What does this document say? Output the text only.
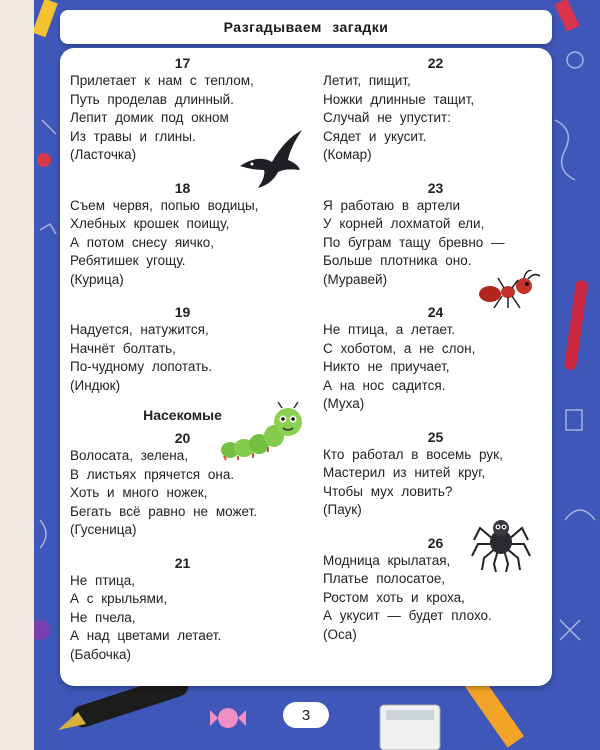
Разгадываем загадки
17
Прилетает к нам с теплом,
Путь проделав длинный.
Лепит домик под окном
Из травы и глины.
(Ласточка)
18
Съем червя, попью водицы,
Хлебных крошек поищу,
А потом снесу яичко,
Ребятишек угощу.
(Курица)
19
Надуется, натужится,
Начнёт болтать,
По-чудному лопотать.
(Индюк)
Насекомые
20
Волосата, зелена,
В листьях прячется она.
Хоть и много ножек,
Бегать всё равно не может.
(Гусеница)
21
Не птица,
А с крыльями,
Не пчела,
А над цветами летает.
(Бабочка)
22
Летит, пищит,
Ножки длинные тащит,
Случай не упустит:
Сядет и укусит.
(Комар)
23
Я работаю в артели
У корней лохматой ели,
По буграм тащу бревно —
Больше плотника оно.
(Муравей)
24
Не птица, а летает.
С хоботом, а не слон,
Никто не приучает,
А на нос садится.
(Муха)
25
Кто работал в восемь рук,
Мастерил из нитей круг,
Чтобы мух ловить?
(Паук)
26
Модница крылатая,
Платье полосатое,
Ростом хоть и кроха,
А укусит — будет плохо.
(Оса)
3
